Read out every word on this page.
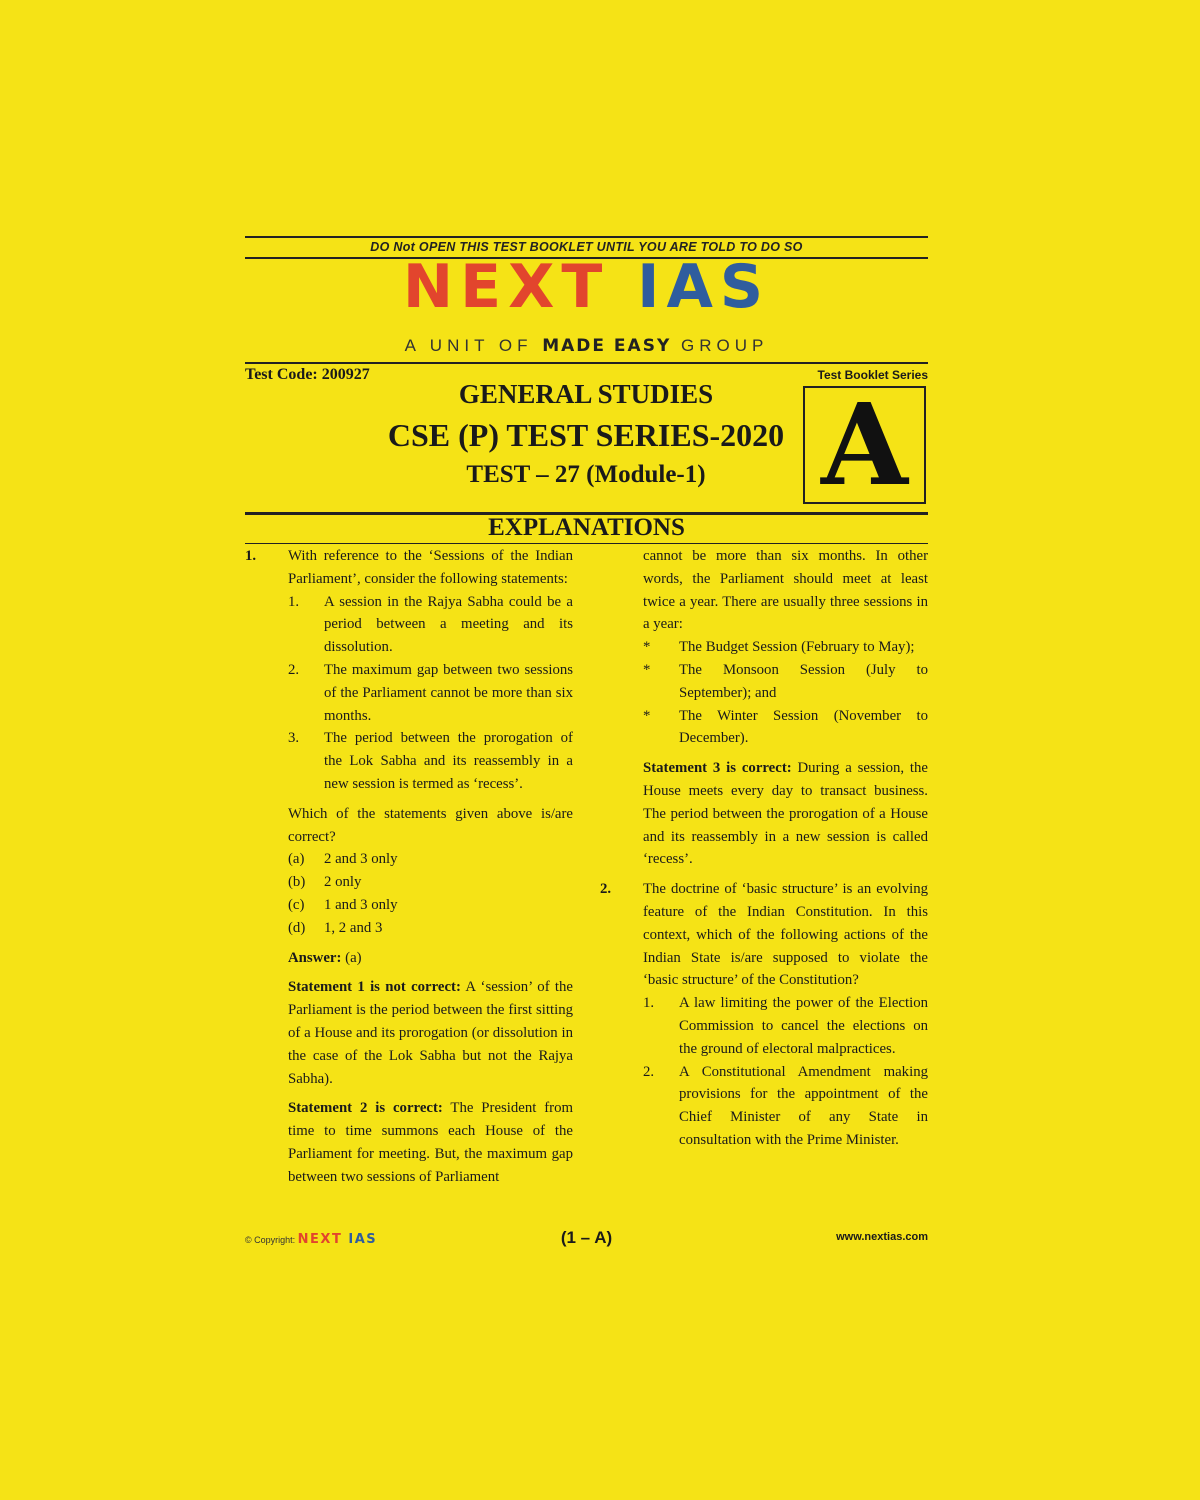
DO Not OPEN THIS TEST BOOKLET UNTIL YOU ARE TOLD TO DO SO
NEXT IAS
A UNIT OF MADE EASY GROUP
Test Code: 200927	Test Booklet Series
A
GENERAL STUDIES
CSE (P) TEST SERIES-2020
TEST – 27 (Module-1)
EXPLANATIONS
1. With reference to the ‘Sessions of the Indian Parliament’, consider the following statements:
1. A session in the Rajya Sabha could be a period between a meeting and its dissolution.
2. The maximum gap between two sessions of the Parliament cannot be more than six months.
3. The period between the prorogation of the Lok Sabha and its reassembly in a new session is termed as ‘recess’.
Which of the statements given above is/are correct?
(a) 2 and 3 only
(b) 2 only
(c) 1 and 3 only
(d) 1, 2 and 3
Answer: (a)
Statement 1 is not correct: A ‘session’ of the Parliament is the period between the first sitting of a House and its prorogation (or dissolution in the case of the Lok Sabha but not the Rajya Sabha).
Statement 2 is correct: The President from time to time summons each House of the Parliament for meeting. But, the maximum gap between two sessions of Parliament
cannot be more than six months. In other words, the Parliament should meet at least twice a year. There are usually three sessions in a year:
* The Budget Session (February to May);
* The Monsoon Session (July to September); and
* The Winter Session (November to December).
Statement 3 is correct: During a session, the House meets every day to transact business. The period between the prorogation of a House and its reassembly in a new session is called ‘recess’.
2. The doctrine of ‘basic structure’ is an evolving feature of the Indian Constitution. In this context, which of the following actions of the Indian State is/are supposed to violate the ‘basic structure’ of the Constitution?
1. A law limiting the power of the Election Commission to cancel the elections on the ground of electoral malpractices.
2. A Constitutional Amendment making provisions for the appointment of the Chief Minister of any State in consultation with the Prime Minister.
© Copyright: NEXT IAS	(1 – A)	www.nextias.com
